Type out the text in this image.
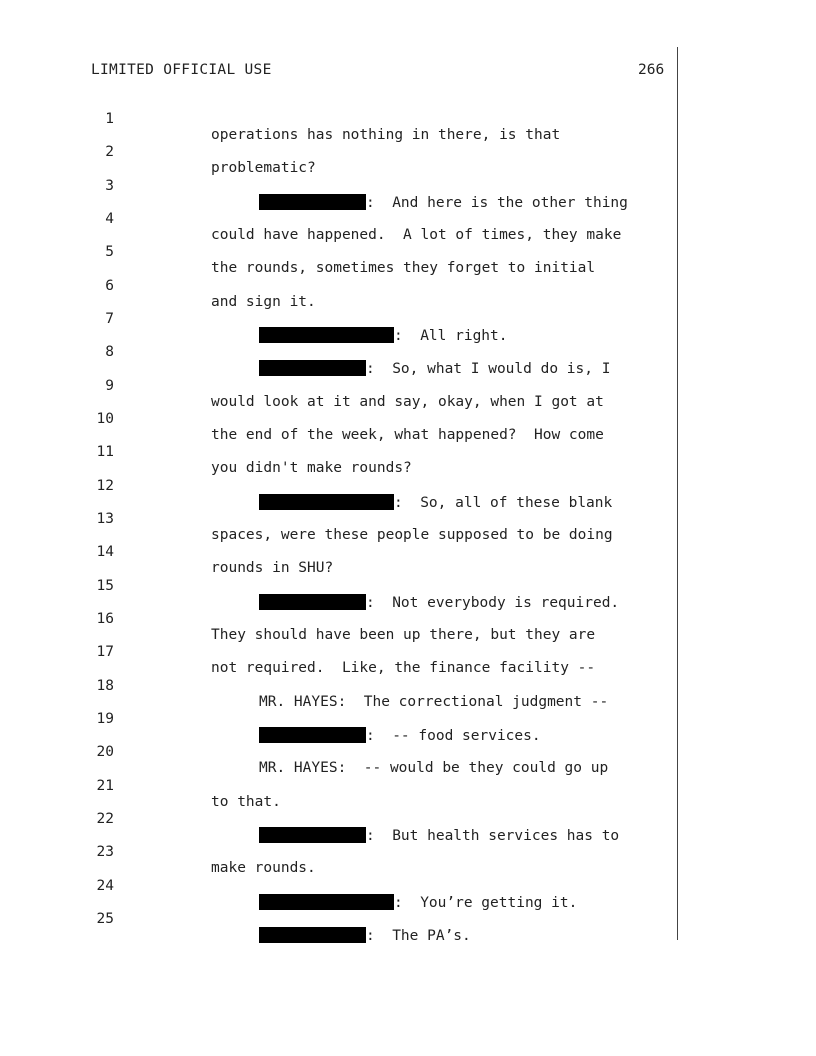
LIMITED OFFICIAL USE	266

1

operations has nothing in there, is that

2

problematic?

3

:  And here is the other thing

4

could have happened.  A lot of times, they make

5

the rounds, sometimes they forget to initial

6

and sign it.

7

:  All right.

8

:  So, what I would do is, I

9

would look at it and say, okay, when I got at

10

the end of the week, what happened?  How come

11

you didn't make rounds?

12

:  So, all of these blank

13

spaces, were these people supposed to be doing

14

rounds in SHU?

15

:  Not everybody is required.

16

They should have been up there, but they are

17

not required.  Like, the finance facility --

18

MR. HAYES:  The correctional judgment --

19

:  -- food services.

20

MR. HAYES:  -- would be they could go up

21

to that.

22

:  But health services has to

23

make rounds.

24

:  You’re getting it.

25

:  The PA’s.
